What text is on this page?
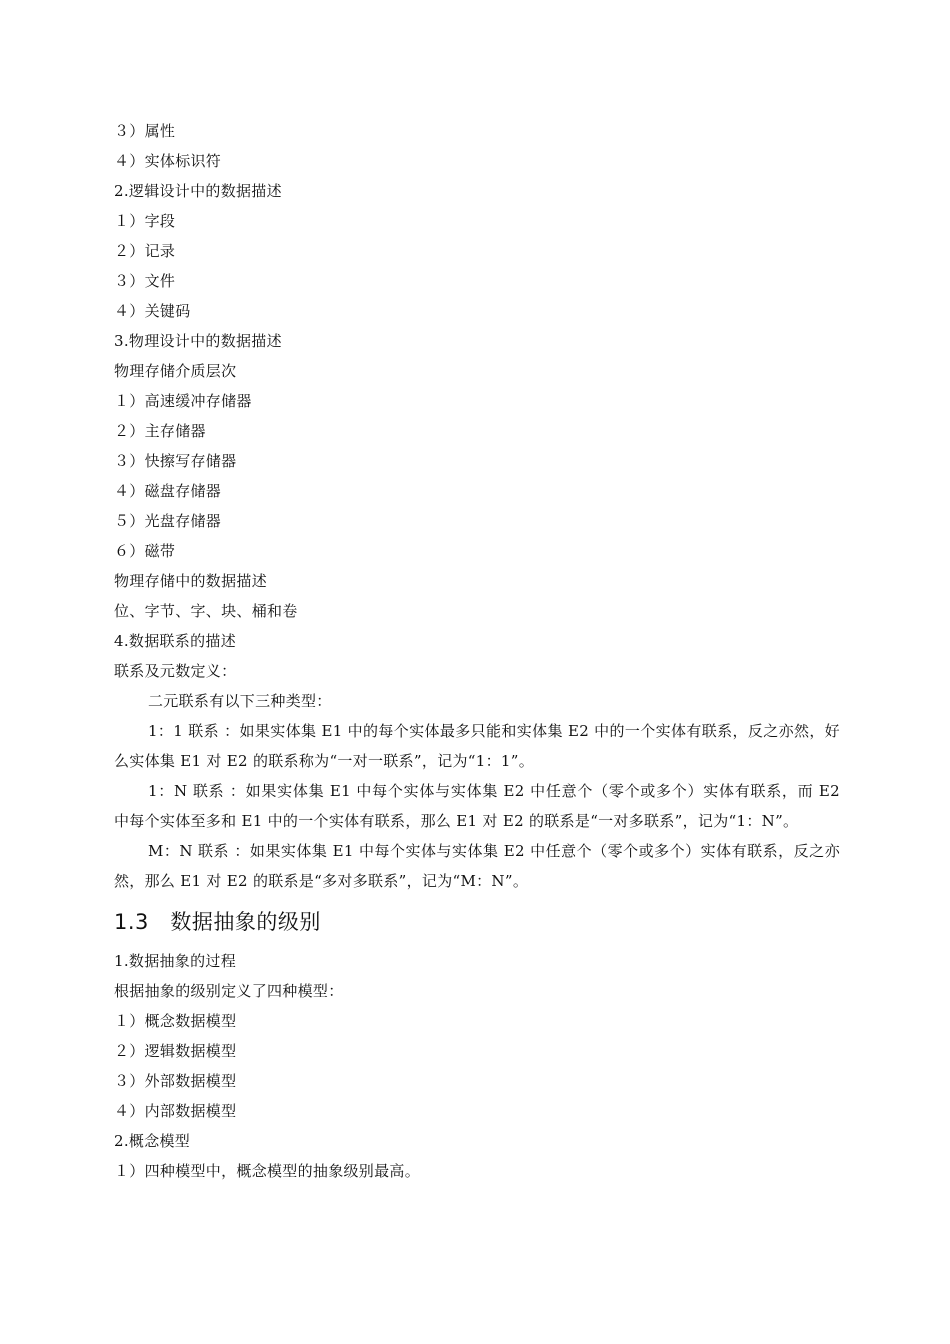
３）属性
４）实体标识符
2.逻辑设计中的数据描述
１）字段
２）记录
３）文件
４）关键码
3.物理设计中的数据描述
物理存储介质层次
１）高速缓冲存储器
２）主存储器
３）快擦写存储器
４）磁盘存储器
５）光盘存储器
６）磁带
物理存储中的数据描述
位、字节、字、块、桶和卷
4.数据联系的描述
联系及元数定义：
二元联系有以下三种类型：

1：1 联系 ：如果实体集 E1 中的每个实体最多只能和实体集 E2 中的一个实体有联系，反之亦然，好么实体集 E1 对 E2 的联系称为“一对一联系”，记为“1：1”。

1：N 联系 ：如果实体集 E1 中每个实体与实体集 E2 中任意个（零个或多个）实体有联系，而 E2 中每个实体至多和 E1 中的一个实体有联系，那么 E1 对 E2 的联系是“一对多联系”，记为“1：N”。

M：N 联系 ：如果实体集 E1 中每个实体与实体集 E2 中任意个（零个或多个）实体有联系，反之亦然，那么 E1 对 E2 的联系是“多对多联系”，记为“M：N”。

1.3　数据抽象的级别
1.数据抽象的过程
根据抽象的级别定义了四种模型：
１）概念数据模型
２）逻辑数据模型
３）外部数据模型
４）内部数据模型
2.概念模型
１）四种模型中，概念模型的抽象级别最高。
